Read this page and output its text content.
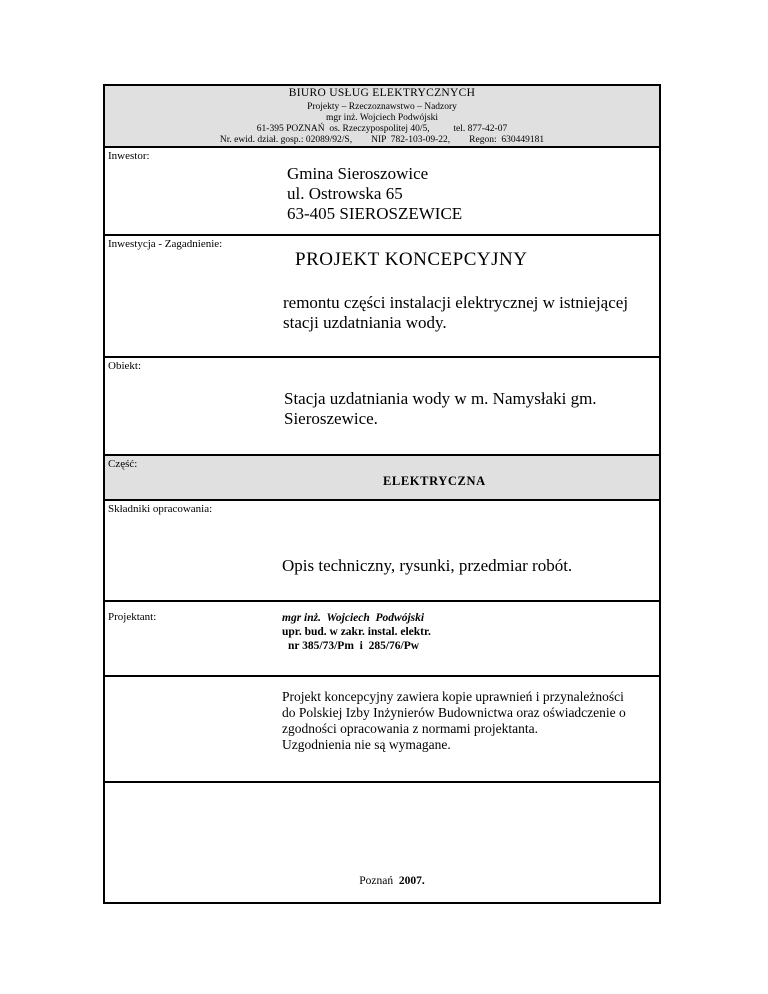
BIURO USŁUG ELEKTRYCZNYCH
Projekty – Rzeczoznawstwo – Nadzory
mgr inż. Wojciech Podwójski
61-395 POZNAŃ  os. Rzeczypospolitej 40/5,          tel. 877-42-07
Nr. ewid. dział. gosp.: 02089/92/S,        NIP  782-103-09-22,        Regon:  630449181
Inwestor:
Gmina Sieroszowice
ul. Ostrowska 65
63-405 SIEROSZEWICE
Inwestycja - Zagadnienie:
PROJEKT KONCEPCYJNY
remontu części instalacji elektrycznej w istniejącej
stacji uzdatniania wody.
Obiekt:
Stacja uzdatniania wody w m. Namysłaki gm.
Sieroszewice.
Część:
ELEKTRYCZNA
Składniki opracowania:
Opis techniczny, rysunki, przedmiar robót.
Projektant:	mgr inż.  Wojciech  Podwójski
upr. bud. w zakr. instal. elektr.
nr 385/73/Pm  i  285/76/Pw
Projekt koncepcyjny zawiera kopie uprawnień i przynależności
do Polskiej Izby Inżynierów Budownictwa oraz oświadczenie o
zgodności opracowania z normami projektanta.
Uzgodnienia nie są wymagane.
Poznań 2007.
